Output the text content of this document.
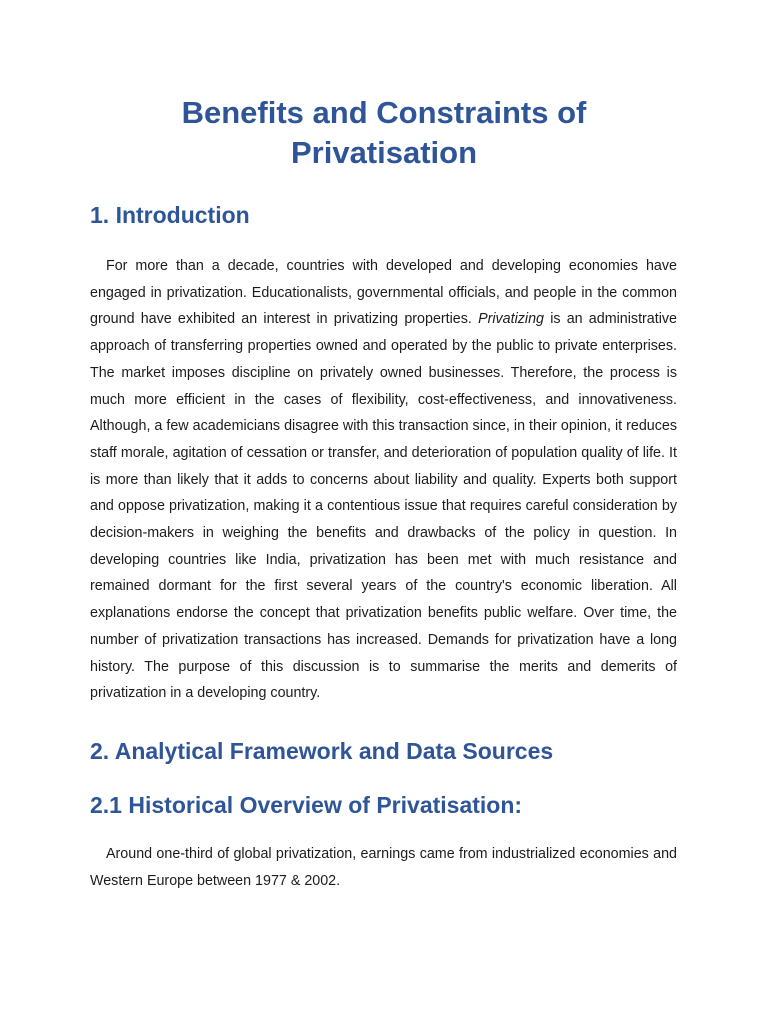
Benefits and Constraints of Privatisation
1. Introduction

For more than a decade, countries with developed and developing economies have engaged in privatization. Educationalists, governmental officials, and people in the common ground have exhibited an interest in privatizing properties. Privatizing is an administrative approach of transferring properties owned and operated by the public to private enterprises. The market imposes discipline on privately owned businesses. Therefore, the process is much more efficient in the cases of flexibility, cost-effectiveness, and innovativeness. Although, a few academicians disagree with this transaction since, in their opinion, it reduces staff morale, agitation of cessation or transfer, and deterioration of population quality of life. It is more than likely that it adds to concerns about liability and quality. Experts both support and oppose privatization, making it a contentious issue that requires careful consideration by decision-makers in weighing the benefits and drawbacks of the policy in question. In developing countries like India, privatization has been met with much resistance and remained dormant for the first several years of the country's economic liberation. All explanations endorse the concept that privatization benefits public welfare. Over time, the number of privatization transactions has increased. Demands for privatization have a long history. The purpose of this discussion is to summarise the merits and demerits of privatization in a developing country.

2. Analytical Framework and Data Sources
2.1 Historical Overview of Privatisation:

Around one-third of global privatization, earnings came from industrialized economies and Western Europe between 1977 & 2002.
